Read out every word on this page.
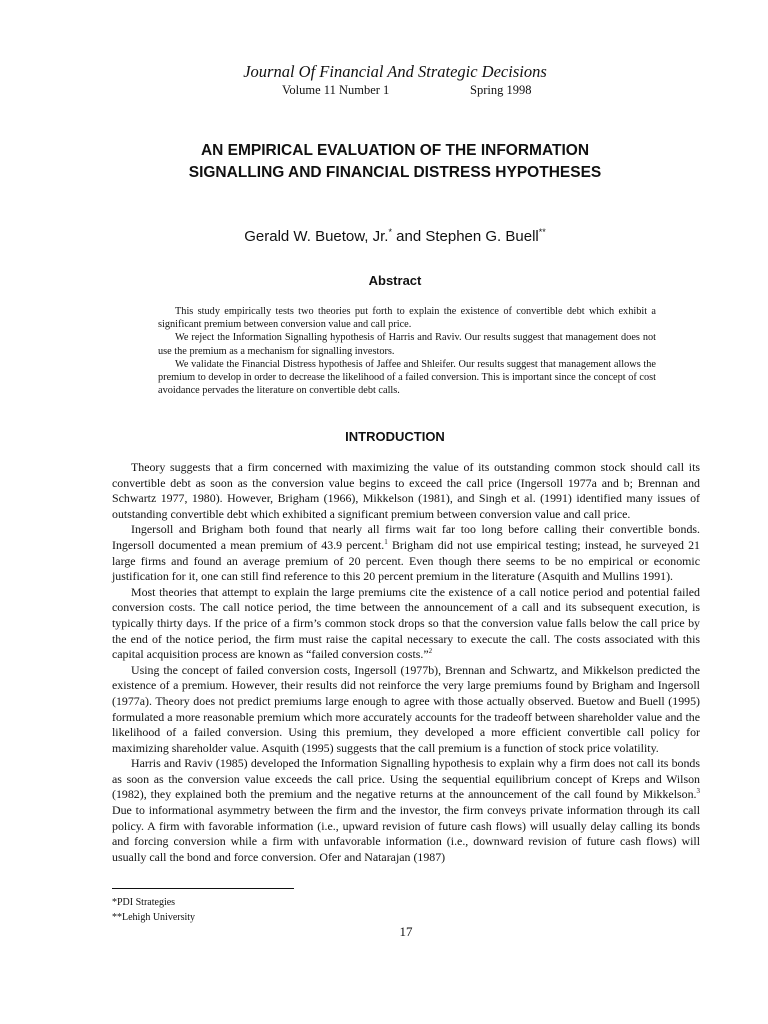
Journal Of Financial And Strategic Decisions
Volume 11 Number 1	Spring 1998
AN EMPIRICAL EVALUATION OF THE INFORMATION
SIGNALLING AND FINANCIAL DISTRESS HYPOTHESES
Gerald W. Buetow, Jr.* and Stephen G. Buell**
Abstract

This study empirically tests two theories put forth to explain the existence of convertible debt which exhibit a significant premium between conversion value and call price.

We reject the Information Signalling hypothesis of Harris and Raviv. Our results suggest that management does not use the premium as a mechanism for signalling investors.

We validate the Financial Distress hypothesis of Jaffee and Shleifer. Our results suggest that management allows the premium to develop in order to decrease the likelihood of a failed conversion. This is important since the concept of cost avoidance pervades the literature on convertible debt calls.

INTRODUCTION

Theory suggests that a firm concerned with maximizing the value of its outstanding common stock should call its convertible debt as soon as the conversion value begins to exceed the call price (Ingersoll 1977a and b; Brennan and Schwartz 1977, 1980). However, Brigham (1966), Mikkelson (1981), and Singh et al. (1991) identified many issues of outstanding convertible debt which exhibited a significant premium between conversion value and call price.

Ingersoll and Brigham both found that nearly all firms wait far too long before calling their convertible bonds. Ingersoll documented a mean premium of 43.9 percent.$^1$ Brigham did not use empirical testing; instead, he surveyed 21 large firms and found an average premium of 20 percent. Even though there seems to be no empirical or economic justification for it, one can still find reference to this 20 percent premium in the literature (Asquith and Mullins 1991).

Most theories that attempt to explain the large premiums cite the existence of a call notice period and potential failed conversion costs. The call notice period, the time between the announcement of a call and its subsequent execution, is typically thirty days. If the price of a firm’s common stock drops so that the conversion value falls below the call price by the end of the notice period, the firm must raise the capital necessary to execute the call. The costs associated with this capital acquisition process are known as “failed conversion costs.”$^2$

Using the concept of failed conversion costs, Ingersoll (1977b), Brennan and Schwartz, and Mikkelson predicted the existence of a premium. However, their results did not reinforce the very large premiums found by Brigham and Ingersoll (1977a). Theory does not predict premiums large enough to agree with those actually observed. Buetow and Buell (1995) formulated a more reasonable premium which more accurately accounts for the tradeoff between shareholder value and the likelihood of a failed conversion. Using this premium, they developed a more efficient convertible call policy for maximizing shareholder value. Asquith (1995) suggests that the call premium is a function of stock price volatility.

Harris and Raviv (1985) developed the Information Signalling hypothesis to explain why a firm does not call its bonds as soon as the conversion value exceeds the call price. Using the sequential equilibrium concept of Kreps and Wilson (1982), they explained both the premium and the negative returns at the announcement of the call found by Mikkelson.$^3$ Due to informational asymmetry between the firm and the investor, the firm conveys private information through its call policy. A firm with favorable information (i.e., upward revision of future cash flows) will usually delay calling its bonds and forcing conversion while a firm with unfavorable information (i.e., downward revision of future cash flows) will usually call the bond and force conversion. Ofer and Natarajan (1987)

*PDI Strategies
**Lehigh University
17
